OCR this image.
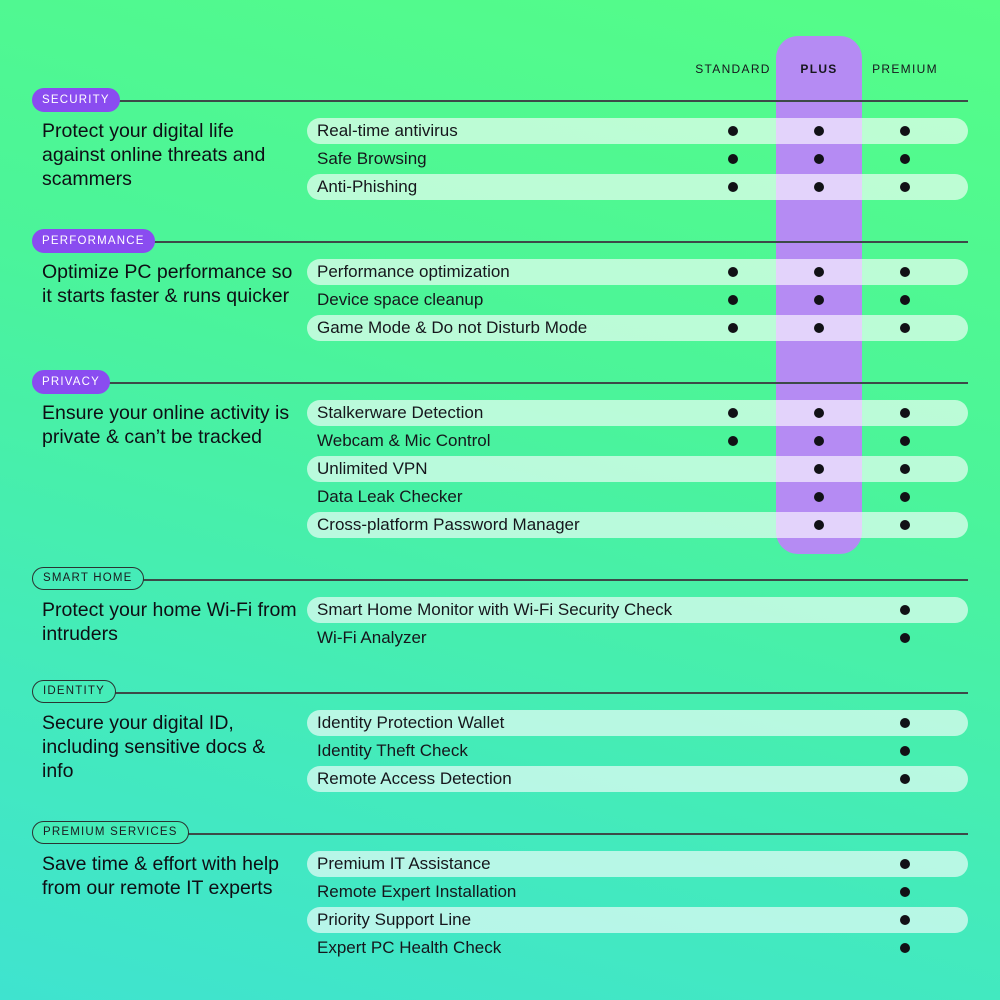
STANDARD	PLUS	PREMIUM
SECURITY
Protect your digital life against online threats and scammers
Real-time antivirus
Safe Browsing
Anti-Phishing
PERFORMANCE
Optimize PC performance so it starts faster & runs quicker
Performance optimization
Device space cleanup
Game Mode & Do not Disturb Mode
PRIVACY
Ensure your online activity is private & can’t be tracked
Stalkerware Detection
Webcam & Mic Control
Unlimited VPN
Data Leak Checker
Cross-platform Password Manager
SMART HOME
Protect your home Wi-Fi from intruders
Smart Home Monitor with Wi-Fi Security Check
Wi-Fi Analyzer
IDENTITY
Secure your digital ID, including sensitive docs & info
Identity Protection Wallet
Identity Theft Check
Remote Access Detection
PREMIUM SERVICES
Save time & effort with help from our remote IT experts
Premium IT Assistance
Remote Expert Installation
Priority Support Line
Expert PC Health Check
